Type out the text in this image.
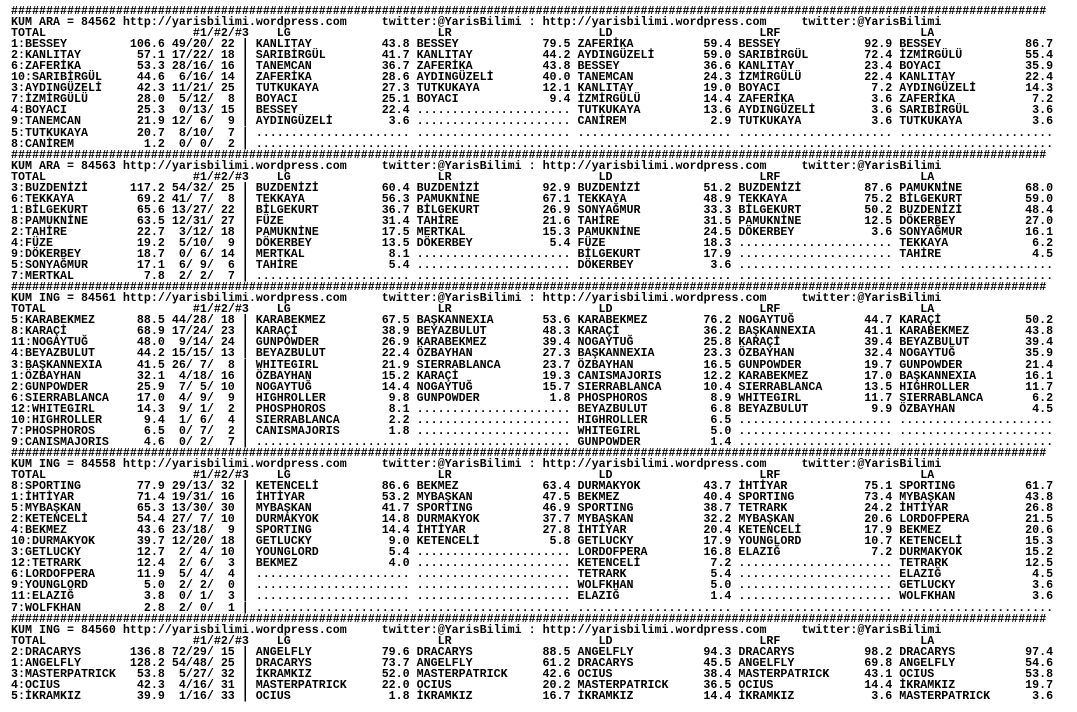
####################################################################################################################################################
KUM ARA = 84562 http://yarisbilimi.wordpress.com	twitter:@YarisBilimi : http://yarisbilimi.wordpress.com	twitter:@YarisBilimi
TOTAL	#1/#2/#3 LG	LR	LD	LRF	LA
1:BESSEY	106.6 49 / 20 / 22 | KANLITAY	43.8 BESSEY	79.5 ZAFERİKA	59.4 BESSEY	92.9 BESSEY	86.7
2:KANLITAY	57.1 17 / 22 / 18 | SARIBİRGÜL	41.7 KANLITAY	44.2 AYDINGÜZELİ	59.0 SARIBİRGÜL	72.4 İZMİRGÜLÜ	55.4
6:ZAFERİKA	53.3 28 / 16 / 16 | TANEMCAN	36.7 ZAFERİKA	43.8 BESSEY	36.6 KANLITAY	23.4 BOYACI	35.9
10:SARIBİRGÜL	44.6 6 / 16 / 14 | ZAFERİKA	28.6 AYDINGÜZELİ	40.0 TANEMCAN	24.3 İZMİRGÜLÜ	22.4 KANLITAY	22.4
3:AYDINGÜZELİ	42.3 11 / 21 / 25 | TUTKUKAYA	27.3 TUTKUKAYA	12.1 KANLITAY	19.0 BOYACI	7.2 AYDINGÜZELİ	14.3
7:İZMİRGÜLÜ	28.0 5 / 12 / 8 | BOYACI	25.1 BOYACI	9.4 İZMİRGÜLÜ	14.4 ZAFERİKA	3.6 ZAFERİKA	7.2
4:BOYACI	25.3 0 / 13 / 15 | BESSEY	22.4 ...................... TUTKUKAYA	13.6 AYDINGÜZELİ	3.6 SARIBİRGÜL	3.6
9:TANEMCAN	21.9 12 / 6 / 9 | AYDINGÜZELİ	3.6 ...................... CANİREM	2.9 TUTKUKAYA	3.6 TUTKUKAYA	3.6
5:TUTKUKAYA	20.7 8 / 10 / 7 | ...................... ...................... ...................... ...................... ......................
8:CANİREM	1.2 0 / 0 / 2 | ...................... ...................... ...................... ...................... ......................
####################################################################################################################################################
KUM ARA = 84563 http://yarisbilimi.wordpress.com	twitter:@YarisBilimi : http://yarisbilimi.wordpress.com	twitter:@YarisBilimi
TOTAL	#1/#2/#3 LG	LR	LD	LRF	LA
3:BUZDENİZİ	117.2 54 / 32 / 25 | BUZDENİZİ	60.4 BUZDENİZİ	92.9 BUZDENİZİ	51.2 BUZDENİZİ	87.6 PAMUKNİNE	68.0
6:TEKKAYA	69.2 41 / 7 / 8 | TEKKAYA	56.3 PAMUKNİNE	67.1 TEKKAYA	48.9 TEKKAYA	75.2 BİLGEKURT	59.0
1:BİLGEKURT	65.6 13 / 27 / 22 | BİLGEKURT	36.7 BİLGEKURT	26.9 SONYAĞMUR	33.3 BİLGEKURT	50.2 BUZDENİZİ	48.4
8:PAMUKNİNE	63.5 12 / 31 / 27 | FÜZE	31.4 TAHİRE	21.6 TAHİRE	31.5 PAMUKNİNE	12.5 DÖKERBEY	27.0
2:TAHİRE	22.7 3 / 12 / 18 | PAMUKNİNE	17.5 MERTKAL	15.3 PAMUKNİNE	24.5 DÖKERBEY	3.6 SONYAĞMUR	16.1
4:FÜZE	19.2 5 / 10 / 9 | DÖKERBEY	13.5 DÖKERBEY	5.4 FÜZE	18.3 ...................... TEKKAYA	6.2
9:DÖKERBEY	18.7 0 / 6 / 14 | MERTKAL	8.1 ...................... BİLGEKURT	17.9 ...................... TAHİRE	4.5
5:SONYAĞMUR	17.1 6 / 9 / 6 | TAHİRE	5.4 ...................... DÖKERBEY	3.6 ...................... ......................
7:MERTKAL	7.8 2 / 2 / 7 | ...................... ...................... ...................... ...................... ......................
####################################################################################################################################################
KUM ING = 84561 http://yarisbilimi.wordpress.com	twitter:@YarisBilimi : http://yarisbilimi.wordpress.com	twitter:@YarisBilimi
TOTAL	#1/#2/#3 LG	LR	LD	LRF	LA
5:KARABEKMEZ	88.5 44 / 28 / 18 | KARABEKMEZ	67.5 BAŞKANNEXIA	53.6 KARABEKMEZ	76.2 NOGAYTUĞ	44.7 KARAÇİ	50.2
8:KARAÇİ	68.9 17 / 24 / 23 | KARAÇİ	38.9 BEYAZBULUT	48.3 KARAÇİ	36.2 BAŞKANNEXIA	41.1 KARABEKMEZ	43.8
11:NOGAYTUĞ	48.0 9 / 14 / 24 | GUNPOWDER	26.9 KARABEKMEZ	39.4 NOGAYTUĞ	25.8 KARAÇİ	39.4 BEYAZBULUT	39.4
4:BEYAZBULUT	44.2 15 / 15 / 13 | BEYAZBULUT	22.4 ÖZBAYHAN	27.3 BAŞKANNEXIA	23.3 ÖZBAYHAN	32.4 NOGAYTUĞ	35.9
3:BAŞKANNEXIA	41.5 26 / 7 / 8 | WHITEGIRL	21.9 SIERRABLANCA	23.7 ÖZBAYHAN	16.5 GUNPOWDER	19.7 GUNPOWDER	21.4
1:ÖZBAYHAN	32.1 4 / 18 / 16 | ÖZBAYHAN	15.2 KARAÇİ	19.3 CANISMAJORIS	12.2 KARABEKMEZ	17.0 BAŞKANNEXIA	16.1
2:GUNPOWDER	25.9 7 / 5 / 10 | NOGAYTUĞ	14.4 NOGAYTUĞ	15.7 SIERRABLANCA	10.4 SIERRABLANCA	13.5 HIGHROLLER	11.7
6:SIERRABLANCA 17.0 4 / 9 / 9 | HIGHROLLER	9.8 GUNPOWDER	1.8 PHOSPHOROS	8.9 WHITEGIRL	11.7 SIERRABLANCA	6.2
12:WHITEGIRL	14.3 9 / 1 / 2 | PHOSPHOROS	8.1 ...................... BEYAZBULUT	6.8 BEYAZBULUT	9.9 ÖZBAYHAN	4.5
10:HIGHROLLER	9.4 1 / 6 / 4 | SIERRABLANCA	2.2 ...................... HIGHROLLER	6.5 ...................... ......................
7:PHOSPHOROS	6.5 0 / 7 / 2 | CANISMAJORIS	1.8 ...................... WHITEGIRL	5.0 ...................... ......................
9:CANISMAJORIS	4.6 0 / 2 / 7 | ...................... ...................... GUNPOWDER	1.4 ...................... ......................
####################################################################################################################################################
KUM ING = 84558 http://yarisbilimi.wordpress.com	twitter:@YarisBilimi : http://yarisbilimi.wordpress.com	twitter:@YarisBilimi
TOTAL	#1/#2/#3 LG	LR	LD	LRF	LA
8:SPORTING	77.9 29 / 13 / 32 | KETENCELİ	86.6 BEKMEZ	63.4 DURMAKYOK	43.7 İHTİYAR	75.1 SPORTING	61.7
1:İHTİYAR	71.4 19 / 31 / 16 | İHTİYAR	53.2 MYBAŞKAN	47.5 BEKMEZ	40.4 SPORTING	73.4 MYBAŞKAN	43.8
5:MYBAŞKAN	65.3 13 / 30 / 30 | MYBAŞKAN	41.7 SPORTING	46.9 SPORTING	38.7 TETRARK	24.2 İHTİYAR	26.8
2:KETENCELİ	54.4 27 / 7 / 10 | DURMAKYOK	14.8 DURMAKYOK	37.7 MYBAŞKAN	32.2 MYBAŞKAN	20.6 LORDOFPERA	21.5
4:BEKMEZ	43.6 23 / 18 / 9 | SPORTING	14.4 İHTİYAR	27.8 İHTİYAR	20.4 KETENCELİ	17.9 BEKMEZ	20.6
10:DURMAKYOK	39.7 12 / 20 / 18 | GETLUCKY	9.0 KETENCELİ	5.8 GETLUCKY	17.9 YOUNGLORD	10.7 KETENCELİ	15.3
3:GETLUCKY	12.7 2 / 4 / 10 | YOUNGLORD	5.4 ...................... LORDOFPERA	16.8 ELAZIĞ	7.2 DURMAKYOK	15.2
12:TETRARK	12.4 2 / 6 / 3 | BEKMEZ	4.0 ...................... KETENCELİ	7.2 ...................... TETRARK	12.5
6:LORDOFPERA	11.9 5 / 4 / 4 | ...................... ...................... TETRARK	5.4 ...................... ELAZIĞ	4.5
9:YOUNGLORD	5.0 2 / 2 / 0 | ...................... ...................... WOLFKHAN	5.0 ...................... GETLUCKY	3.6
11:ELAZIĞ	3.8 0 / 1 / 3 | ...................... ...................... ELAZIĞ	1.4 ...................... WOLFKHAN	3.6
7:WOLFKHAN	2.8 2 / 0 / 1 | ...................... ...................... ...................... ...................... ......................
####################################################################################################################################################
KUM ING = 84560 http://yarisbilimi.wordpress.com	twitter:@YarisBilimi : http://yarisbilimi.wordpress.com	twitter:@YarisBilimi
TOTAL	#1/#2/#3 LG	LR	LD	LRF	LA
2:DRACARYS	136.8 72 / 29 / 15 | ANGELFLY	79.6 DRACARYS	88.5 ANGELFLY	94.3 DRACARYS	98.2 DRACARYS	97.4
1:ANGELFLY	128.2 54 / 48 / 25 | DRACARYS	73.7 ANGELFLY	61.2 DRACARYS	45.5 ANGELFLY	69.8 ANGELFLY	54.6
3:MASTERPATRICK 53.8 5 / 27 / 32 | İKRAMKIZ	52.0 MASTERPATRICK	42.6 OCIUS	38.4 MASTERPATRICK	43.1 OCIUS	53.8
4:OCIUS	42.3 4 / 16 / 31 | MASTERPATRICK	22.0 OCIUS	20.2 MASTERPATRICK	36.5 OCIUS	14.4 İKRAMKIZ	19.7
5:İKRAMKIZ	39.9 1 / 16 / 33 | OCIUS	1.8 İKRAMKIZ	16.7 İKRAMKIZ	14.4 İKRAMKIZ	3.6 MASTERPATRICK	3.6
